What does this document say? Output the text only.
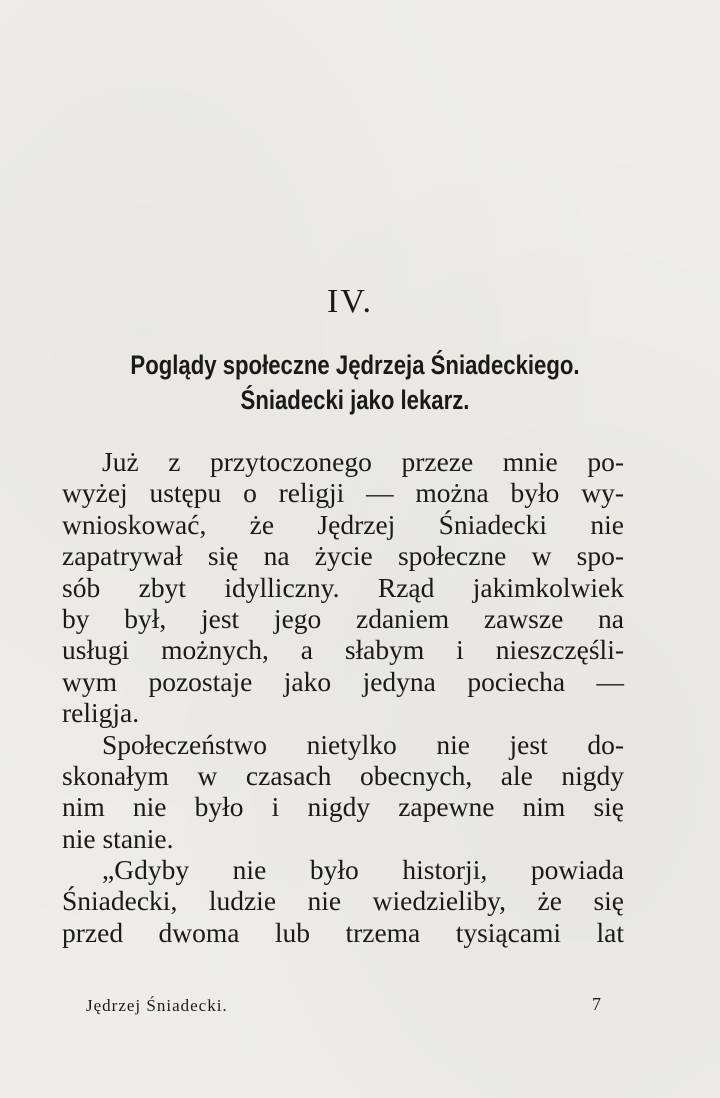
IV.
Poglądy społeczne Jędrzeja Śniadeckiego.
Śniadecki jako lekarz.
Już z przytoczonego przeze mnie po-
wyżej ustępu o religji — można było wy-
wnioskować, że Jędrzej Śniadecki nie
zapatrywał się na życie społeczne w spo-
sób zbyt idylliczny. Rząd jakimkolwiek
by był, jest jego zdaniem zawsze na
usługi możnych, a słabym i nieszczęśli-
wym pozostaje jako jedyna pociecha —
religja.
Społeczeństwo nietylko nie jest do-
skonałym w czasach obecnych, ale nigdy
nim nie było i nigdy zapewne nim się
nie stanie.
„Gdyby nie było historji, powiada
Śniadecki, ludzie nie wiedzieliby, że się
przed dwoma lub trzema tysiącami lat
Jędrzej Śniadecki.	7
